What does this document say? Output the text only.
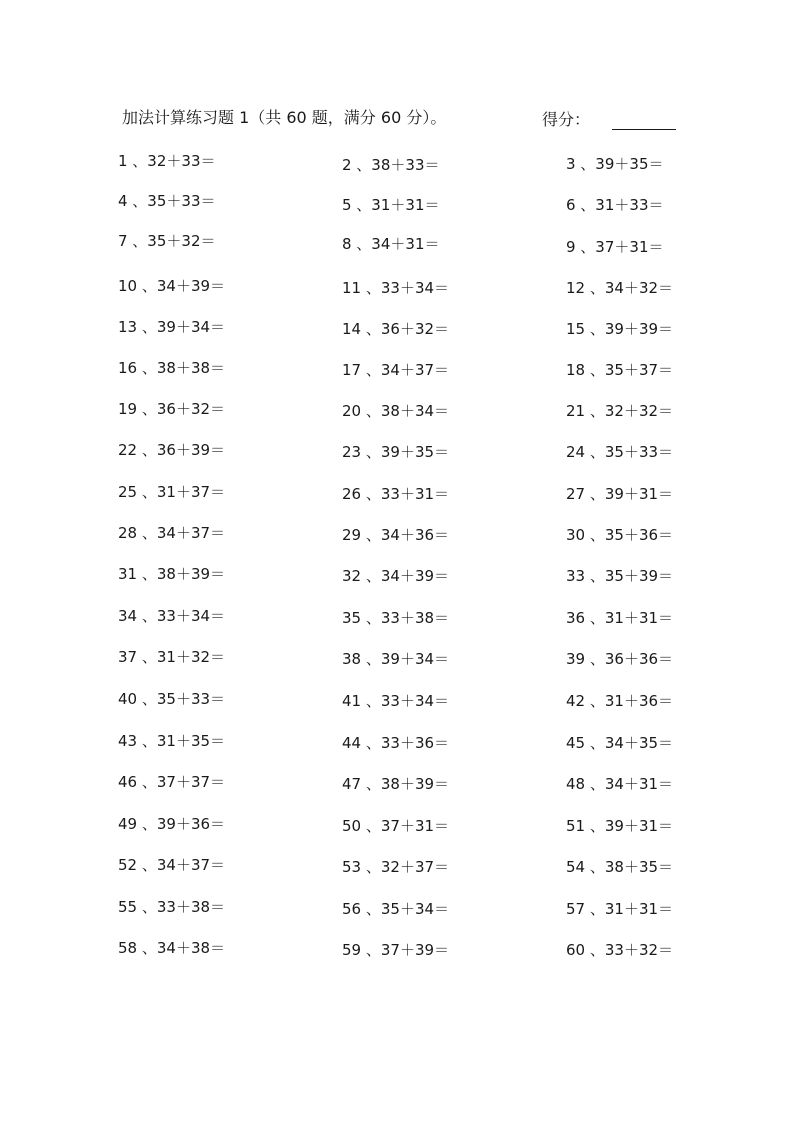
加法计算练习题 1（共 60 题，满分 60 分）。	得分：
1 、32＋33＝	2 、38＋33＝	3 、39＋35＝
4 、35＋33＝	5 、31＋31＝	6 、31＋33＝
7 、35＋32＝	8 、34＋31＝	9 、37＋31＝
10 、34＋39＝	11 、33＋34＝	12 、34＋32＝
13 、39＋34＝	14 、36＋32＝	15 、39＋39＝
16 、38＋38＝	17 、34＋37＝	18 、35＋37＝
19 、36＋32＝	20 、38＋34＝	21 、32＋32＝
22 、36＋39＝	23 、39＋35＝	24 、35＋33＝
25 、31＋37＝	26 、33＋31＝	27 、39＋31＝
28 、34＋37＝	29 、34＋36＝	30 、35＋36＝
31 、38＋39＝	32 、34＋39＝	33 、35＋39＝
34 、33＋34＝	35 、33＋38＝	36 、31＋31＝
37 、31＋32＝	38 、39＋34＝	39 、36＋36＝
40 、35＋33＝	41 、33＋34＝	42 、31＋36＝
43 、31＋35＝	44 、33＋36＝	45 、34＋35＝
46 、37＋37＝	47 、38＋39＝	48 、34＋31＝
49 、39＋36＝	50 、37＋31＝	51 、39＋31＝
52 、34＋37＝	53 、32＋37＝	54 、38＋35＝
55 、33＋38＝	56 、35＋34＝	57 、31＋31＝
58 、34＋38＝	59 、37＋39＝	60 、33＋32＝
